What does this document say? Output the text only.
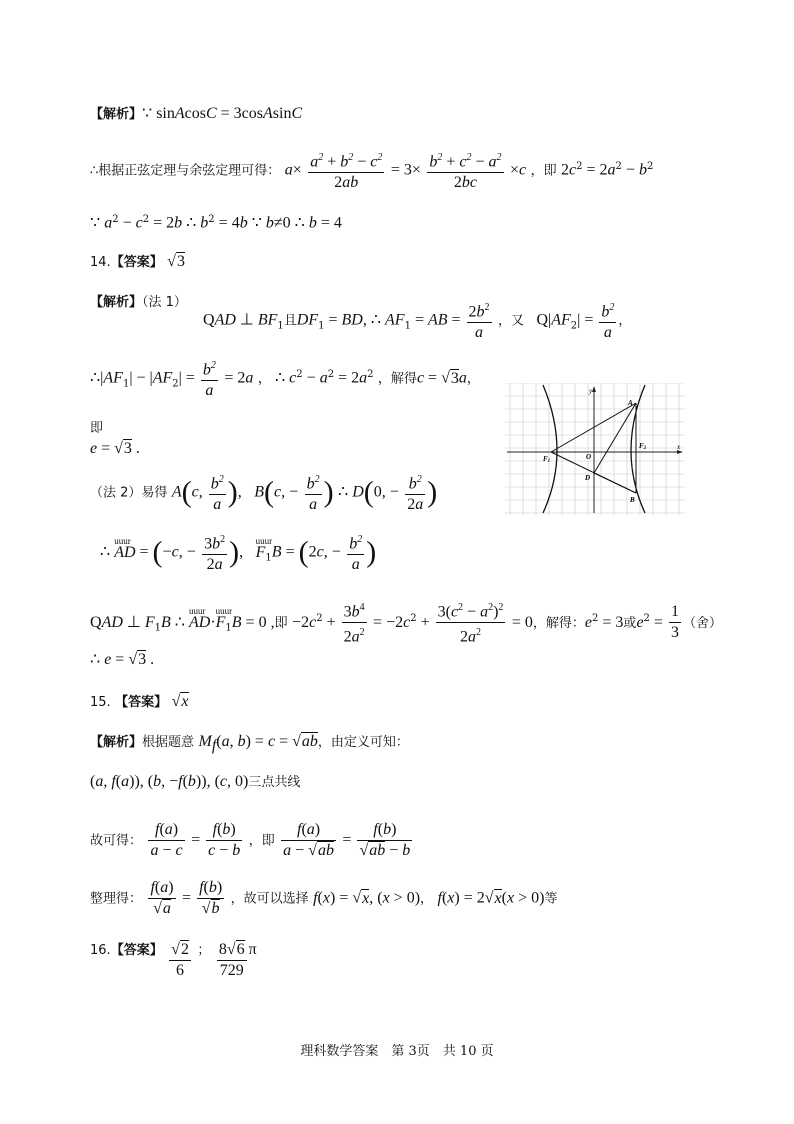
【解析】∵ sinAcosC = 3cosAsinC
∴根据正弦定理与余弦定理可得： $a\times \frac{a^2 + b^2 - c^2}{2ab} = 3\times \frac{b^2 + c^2 - a^2}{2bc} \times c$ ，即 $2c^2 = 2a^2 - b^2$
∵ $a^2 - c^2 = 2b$ ∴ $b^2 = 4b$ ∵ b≠0 ∴ b = 4
14.【答案】 √3
【解析】（法 1）
QAD ⊥ $BF_1$且$DF_1$ = BD, ∴ $AF_1$ = AB = $\frac{2b^2}{a}$ ，又   $Q|AF_2| = \frac{b^2}{a}$ ，
$\therefore|AF_1| - |AF_2| = \frac{b^2}{a} = 2a$ ， ∴ $c^2 - a^2 = 2a^2$ ，解得c = √3a，
即
e = √3 .
（法 2）易得 A(c, $\frac{b^2}{a}$ ),   B(c, − $\frac{b^2}{a}$ ) ∴ D(0, − $\frac{b^2}{2a}$ )
∴ uuur AD = (−c, − $\frac{3b^2}{2a}$ ),   uuur $F_1B = (2c$, − $\frac{b^2}{a}$ )
QAD ⊥ $F_1B$ ∴ uuur AD·uuur $F_1B = 0$ ,即 $-2c^2 + \frac{3b^4}{2a^2} = -2c^2 + \frac{3(c^2 - a^2)^2}{2a^2} = 0$，解得：$e^2 = 3$或$e^2 = \frac{1}{3}$ （舍）
∴ e = √3 .
15. 【答案】 √x
【解析】根据题意 $M_f(a$, b) = c = √ab，由定义可知：
(a, f(a)), (b, −f(b)), (c, 0)三点共线
故可得： $\frac{f(a)}{a - c} = \frac{f(b)}{c - b}$ ，即 $\frac{f(a)}{a - √ab} = \frac{f(b)}{√ab - b}$
整理得： $\frac{f(a)}{√a} = \frac{f(b)}{√b}$ ，故可以选择 f(x) = √x, (x > 0)， f(x) = 2√x(x > 0)等
16.【答案】 $\frac{√2}{6}$ ； $\frac{8√6}{729}$ π
y
x
A
B
O
D
F1
F2
理科数学答案　第 3页　共 10 页
